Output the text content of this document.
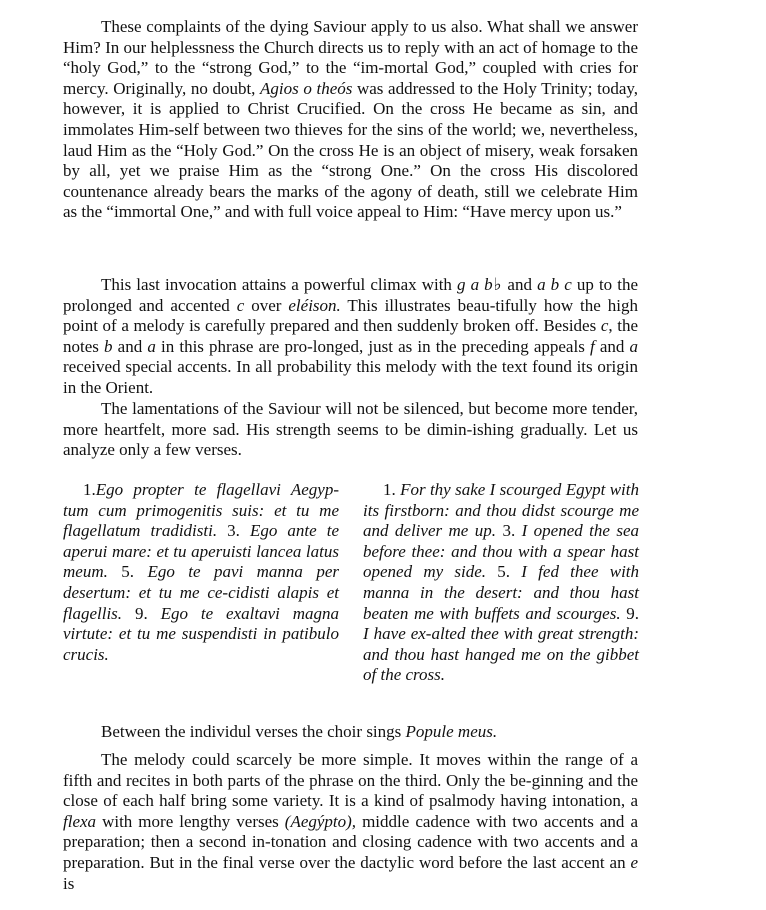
These complaints of the dying Saviour apply to us also. What shall we answer Him? In our helplessness the Church directs us to reply with an act of homage to the “holy God,” to the “strong God,” to the “im-mortal God,” coupled with cries for mercy. Originally, no doubt, Agios o theós was addressed to the Holy Trinity; today, however, it is applied to Christ Crucified. On the cross He became as sin, and immolates Him-self between two thieves for the sins of the world; we, nevertheless, laud Him as the “Holy God.” On the cross He is an object of misery, weak forsaken by all, yet we praise Him as the “strong One.” On the cross His discolored countenance already bears the marks of the agony of death, still we celebrate Him as the “immortal One,” and with full voice appeal to Him: “Have mercy upon us.”

This last invocation attains a powerful climax with g a b♭ and a b c up to the prolonged and accented c over eléison. This illustrates beau-tifully how the high point of a melody is carefully prepared and then suddenly broken off. Besides c, the notes b and a in this phrase are pro-longed, just as in the preceding appeals f and a received special accents. In all probability this melody with the text found its origin in the Orient.

The lamentations of the Saviour will not be silenced, but become more tender, more heartfelt, more sad. His strength seems to be dimin-ishing gradually. Let us analyze only a few verses.

1.Ego propter te flagellavi Aegyp-tum cum primogenitis suis: et tu me flagellatum tradidisti. 3. Ego ante te aperui mare: et tu aperuisti lancea latus meum. 5. Ego te pavi manna per desertum: et tu me ce-cidisti alapis et flagellis. 9. Ego te exaltavi magna virtute: et tu me suspendisti in patibulo crucis.

1. For thy sake I scourged Egypt with its firstborn: and thou didst scourge me and deliver me up. 3. I opened the sea before thee: and thou with a spear hast opened my side. 5. I fed thee with manna in the desert: and thou hast beaten me with buffets and scourges. 9. I have ex-alted thee with great strength: and thou hast hanged me on the gibbet of the cross.

Between the individul verses the choir sings Popule meus.

The melody could scarcely be more simple. It moves within the range of a fifth and recites in both parts of the phrase on the third. Only the be-ginning and the close of each half bring some variety. It is a kind of psalmody having intonation, a flexa with more lengthy verses (Aegýpto), middle cadence with two accents and a preparation; then a second in-tonation and closing cadence with two accents and a preparation. But in the final verse over the dactylic word before the last accent an e is
